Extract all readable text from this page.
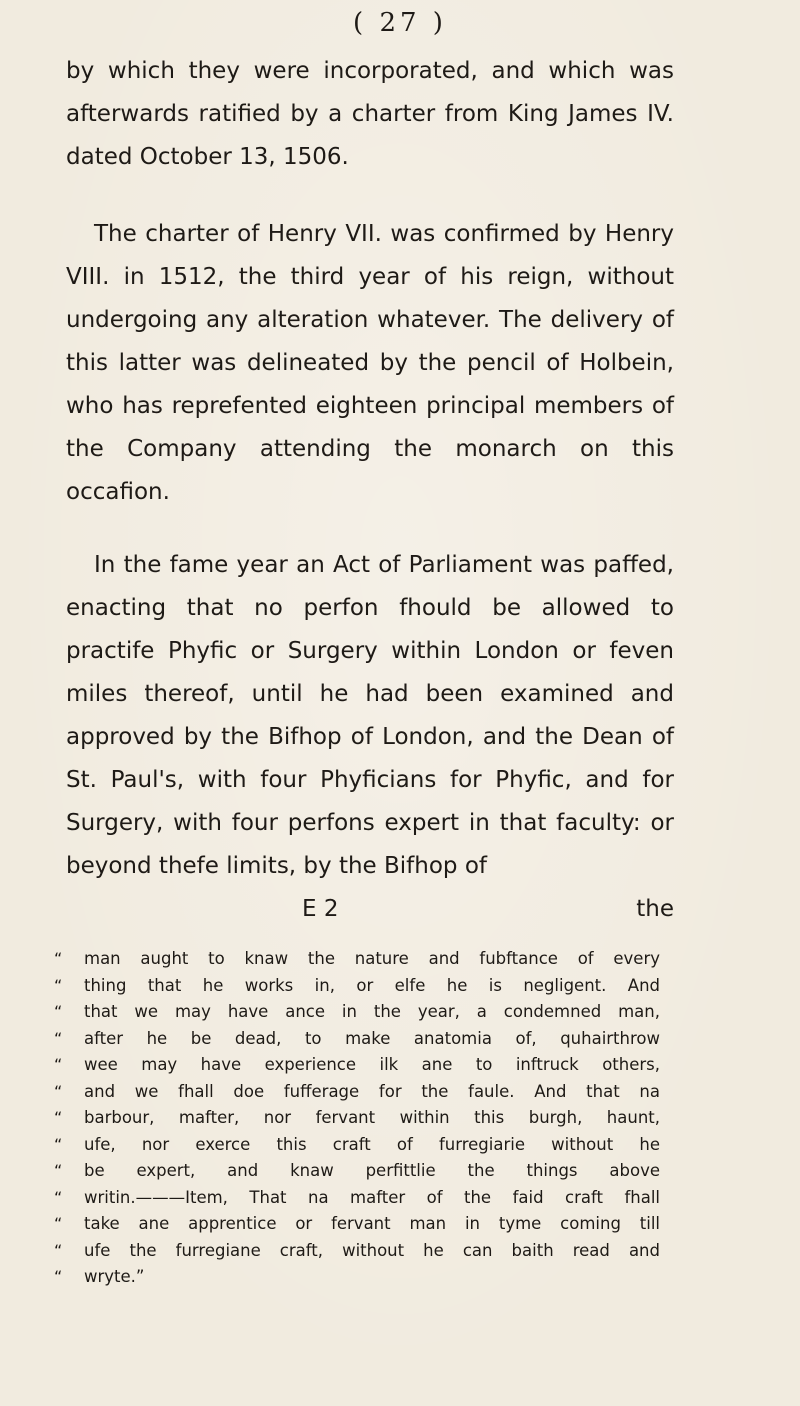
( 27 )

by which they were incorporated, and which was afterwards ratified by a charter from King James IV. dated October 13, 1506.

The charter of Henry VII. was confirmed by Henry VIII. in 1512, the third year of his reign, without undergoing any alteration whatever. The delivery of this latter was delineated by the pencil of Holbein, who has reprefented eighteen principal members of the Company attending the monarch on this occafion.

In the fame year an Act of Parliament was paffed, enacting that no perfon fhould be allowed to practife Phyfic or Surgery within London or feven miles thereof, until he had been examined and approved by the Bifhop of London, and the Dean of St. Paul's, with four Phyficians for Phyfic, and for Surgery, with four perfons expert in that faculty: or beyond thefe limits, by the Bifhop of

E 2	the
“ man aught to knaw the nature and fubftance of every
“ thing that he works in, or elfe he is negligent. And
“ that we may have ance in the year, a condemned man,
“ after he be dead, to make anatomia of, quhairthrow
“ wee may have experience ilk ane to inftruck others,
“ and we fhall doe fufferage for the faule. And that na
“ barbour, mafter, nor fervant within this burgh, haunt,
“ ufe, nor exerce this craft of furregiarie without he
“ be expert, and knaw perfittlie the things above
“ writin.———Item, That na mafter of the faid craft fhall
“ take ane apprentice or fervant man in tyme coming till
“ ufe the furregiane craft, without he can baith read and
“ wryte.”
